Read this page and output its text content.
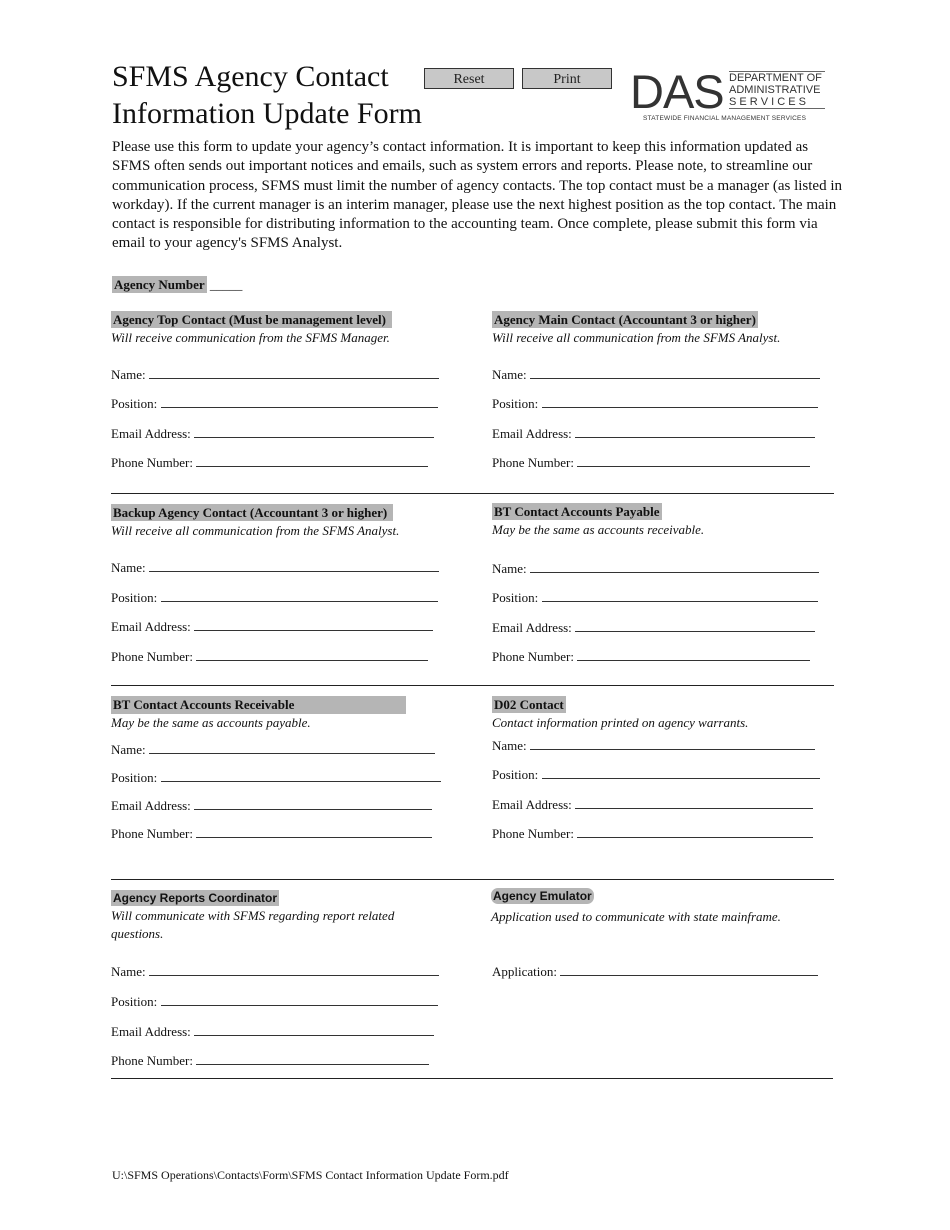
SFMS Agency Contact Information Update Form
Reset	Print	DAS DEPARTMENT OF
ADMINISTRATIVE
S E R V I C E S
STATEWIDE FINANCIAL MANAGEMENT SERVICES
Please use this form to update your agency’s contact information. It is important to keep this information updated as SFMS often sends out important notices and emails, such as system errors and reports. Please note, to streamline our communication process, SFMS must limit the number of agency contacts. The top contact must be a manager (as listed in workday). If the current manager is an interim manager, please use the next highest position as the top contact. The main contact is responsible for distributing information to the accounting team. Once complete, please submit this form via email to your agency's SFMS Analyst.
Agency Number _____
Agency Top Contact (Must be management level)
Will receive communication from the SFMS Manager.
Name:
Position:
Email Address:
Phone Number:
Agency Main Contact (Accountant 3 or higher)
Will receive all communication from the SFMS Analyst.
Name:
Position:
Email Address:
Phone Number:
Backup Agency Contact (Accountant 3 or higher)
Will receive all communication from the SFMS Analyst.
Name:
Position:
Email Address:
Phone Number:
BT Contact Accounts Payable
May be the same as accounts receivable.
Name:
Position:
Email Address:
Phone Number:
BT Contact Accounts Receivable
May be the same as accounts payable.
Name:
Position:
Email Address:
Phone Number:
D02 Contact
Contact information printed on agency warrants.
Name:
Position:
Email Address:
Phone Number:
Agency Reports Coordinator
Will communicate with SFMS regarding report related questions.
Name:
Position:
Email Address:
Phone Number:
Agency Emulator
Application used to communicate with state mainframe.
Application:
U:\SFMS Operations\Contacts\Form\SFMS Contact Information Update Form.pdf
